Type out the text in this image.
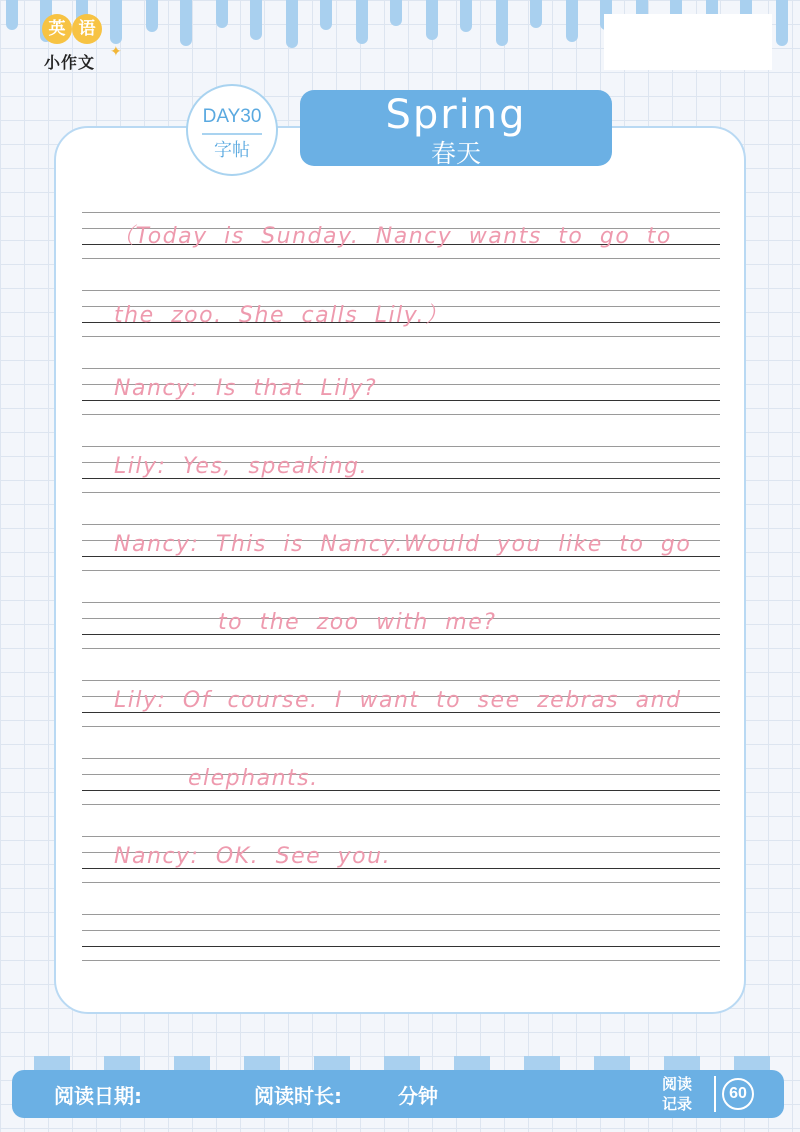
英 语
小作文
✦
DAY30
字帖
Spring
春天
（Today is Sunday. Nancy wants to go to
the zoo. She calls Lily.）
Nancy: Is that Lily?
Lily: Yes, speaking.
Nancy: This is Nancy.Would you like to go
to the zoo with me?
Lily: Of course. I want to see zebras and
elephants.
Nancy: OK. See you.
阅读日期:	阅读时长:	分钟	阅读记录
60
